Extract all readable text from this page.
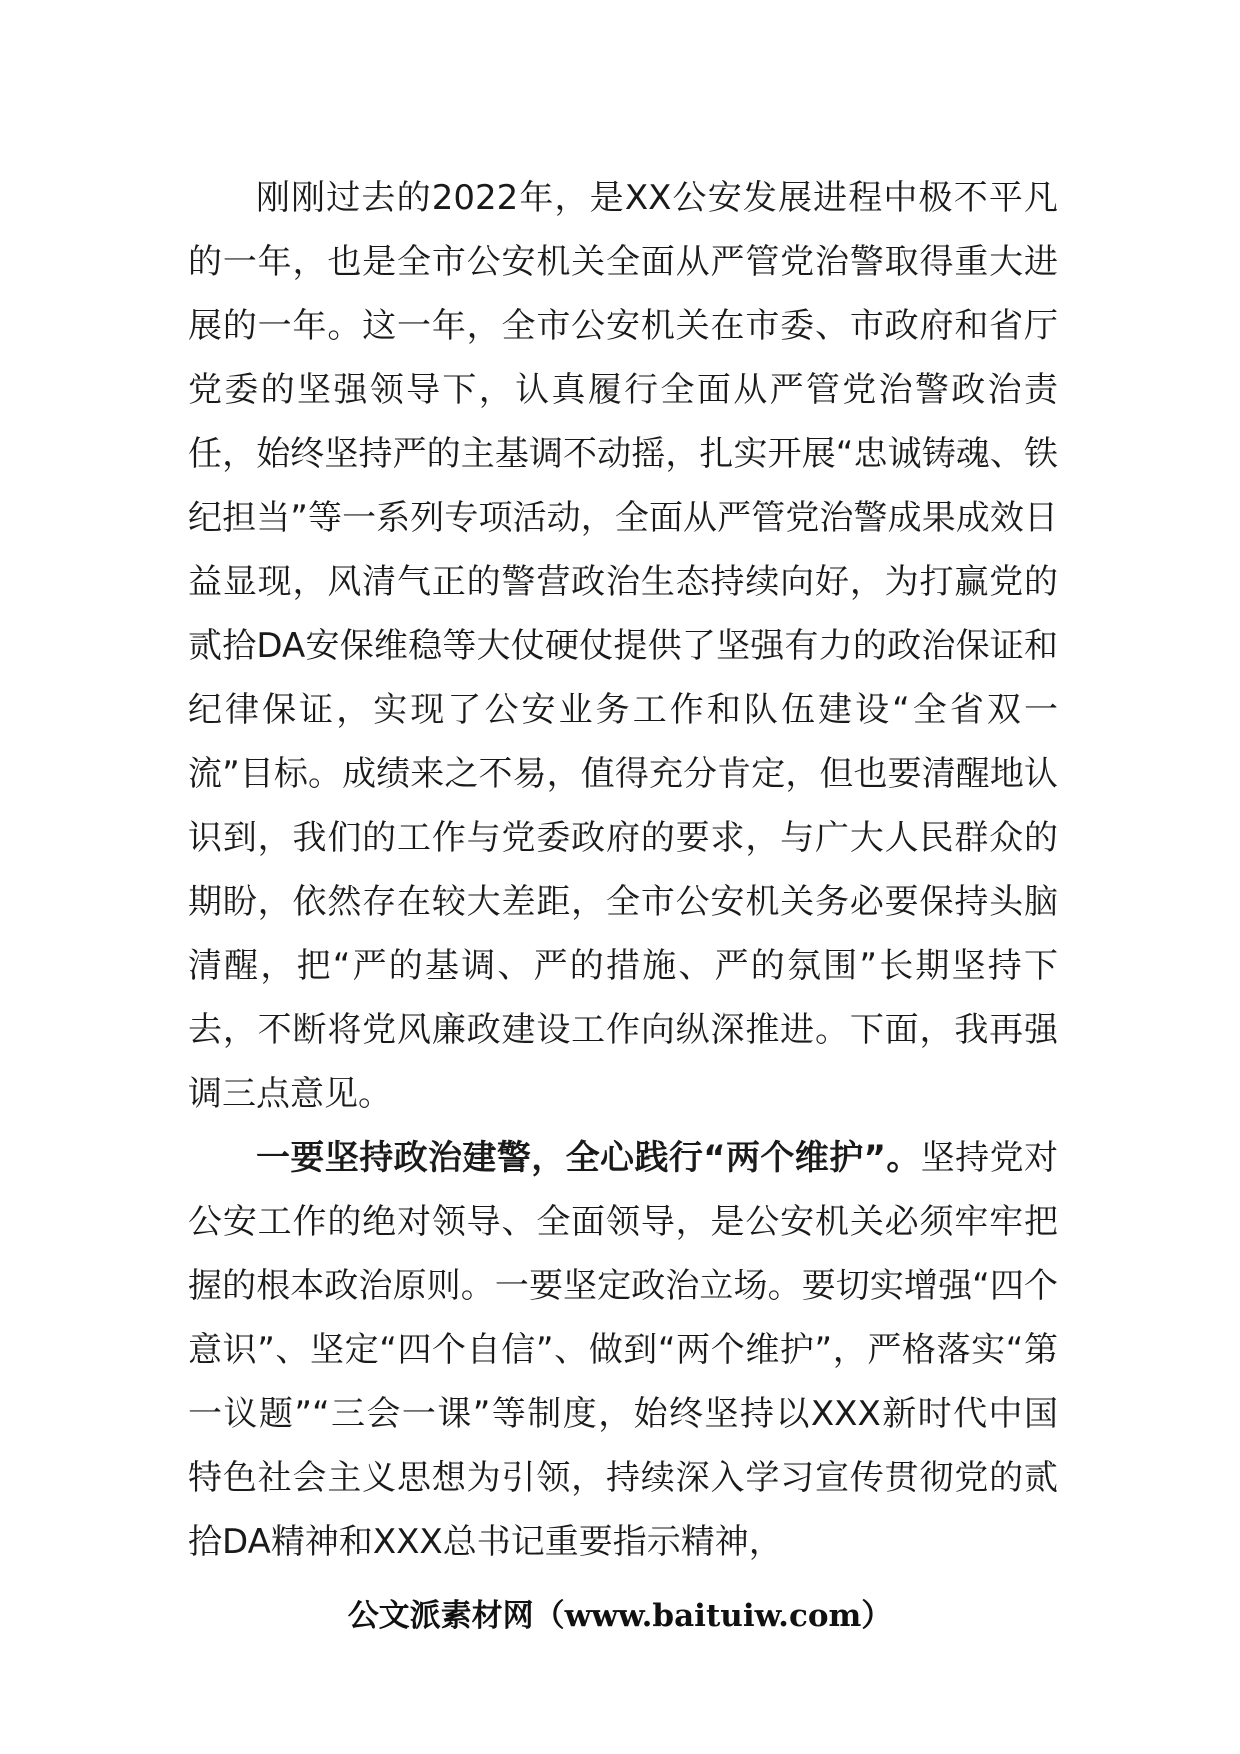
刚刚过去的2022年，是XX公安发展进程中极不平凡的一年，也是全市公安机关全面从严管党治警取得重大进展的一年。这一年，全市公安机关在市委、市政府和省厅党委的坚强领导下，认真履行全面从严管党治警政治责任，始终坚持严的主基调不动摇，扎实开展“忠诚铸魂、铁纪担当”等一系列专项活动，全面从严管党治警成果成效日益显现，风清气正的警营政治生态持续向好，为打赢党的贰拾DA安保维稳等大仗硬仗提供了坚强有力的政治保证和纪律保证，实现了公安业务工作和队伍建设“全省双一流”目标。成绩来之不易，值得充分肯定，但也要清醒地认识到，我们的工作与党委政府的要求，与广大人民群众的期盼，依然存在较大差距，全市公安机关务必要保持头脑清醒，把“严的基调、严的措施、严的氛围”长期坚持下去，不断将党风廉政建设工作向纵深推进。下面，我再强调三点意见。

一要坚持政治建警，全心践行“两个维护”。坚持党对公安工作的绝对领导、全面领导，是公安机关必须牢牢把握的根本政治原则。一要坚定政治立场。要切实增强“四个意识”、坚定“四个自信”、做到“两个维护”，严格落实“第一议题”“三会一课”等制度，始终坚持以XXX新时代中国特色社会主义思想为引领，持续深入学习宣传贯彻党的贰拾DA精神和XXX总书记重要指示精神，

公文派素材网（www.baituiw.com）
